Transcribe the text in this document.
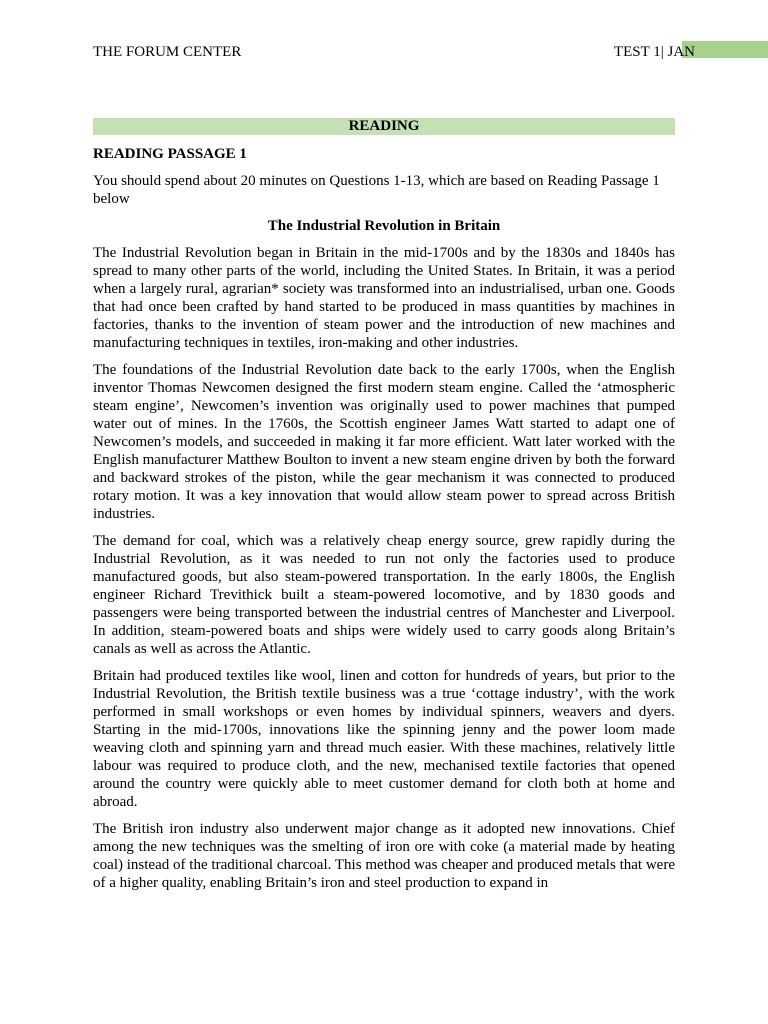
THE FORUM CENTER	TEST 1| JAN
READING
READING PASSAGE 1
You should spend about 20 minutes on Questions 1-13, which are based on Reading Passage 1 below
The Industrial Revolution in Britain

The Industrial Revolution began in Britain in the mid-1700s and by the 1830s and 1840s has spread to many other parts of the world, including the United States. In Britain, it was a period when a largely rural, agrarian* society was transformed into an industrialised, urban one. Goods that had once been crafted by hand started to be produced in mass quantities by machines in factories, thanks to the invention of steam power and the introduction of new machines and manufacturing techniques in textiles, iron-making and other industries.

The foundations of the Industrial Revolution date back to the early 1700s, when the English inventor Thomas Newcomen designed the first modern steam engine. Called the ‘atmospheric steam engine’, Newcomen’s invention was originally used to power machines that pumped water out of mines. In the 1760s, the Scottish engineer James Watt started to adapt one of Newcomen’s models, and succeeded in making it far more efficient. Watt later worked with the English manufacturer Matthew Boulton to invent a new steam engine driven by both the forward and backward strokes of the piston, while the gear mechanism it was connected to produced rotary motion. It was a key innovation that would allow steam power to spread across British industries.

The demand for coal, which was a relatively cheap energy source, grew rapidly during the Industrial Revolution, as it was needed to run not only the factories used to produce manufactured goods, but also steam-powered transportation. In the early 1800s, the English engineer Richard Trevithick built a steam-powered locomotive, and by 1830 goods and passengers were being transported between the industrial centres of Manchester and Liverpool. In addition, steam-powered boats and ships were widely used to carry goods along Britain’s canals as well as across the Atlantic.

Britain had produced textiles like wool, linen and cotton for hundreds of years, but prior to the Industrial Revolution, the British textile business was a true ‘cottage industry’, with the work performed in small workshops or even homes by individual spinners, weavers and dyers. Starting in the mid-1700s, innovations like the spinning jenny and the power loom made weaving cloth and spinning yarn and thread much easier. With these machines, relatively little labour was required to produce cloth, and the new, mechanised textile factories that opened around the country were quickly able to meet customer demand for cloth both at home and abroad.

The British iron industry also underwent major change as it adopted new innovations. Chief among the new techniques was the smelting of iron ore with coke (a material made by heating coal) instead of the traditional charcoal. This method was cheaper and produced metals that were of a higher quality, enabling Britain’s iron and steel production to expand in
